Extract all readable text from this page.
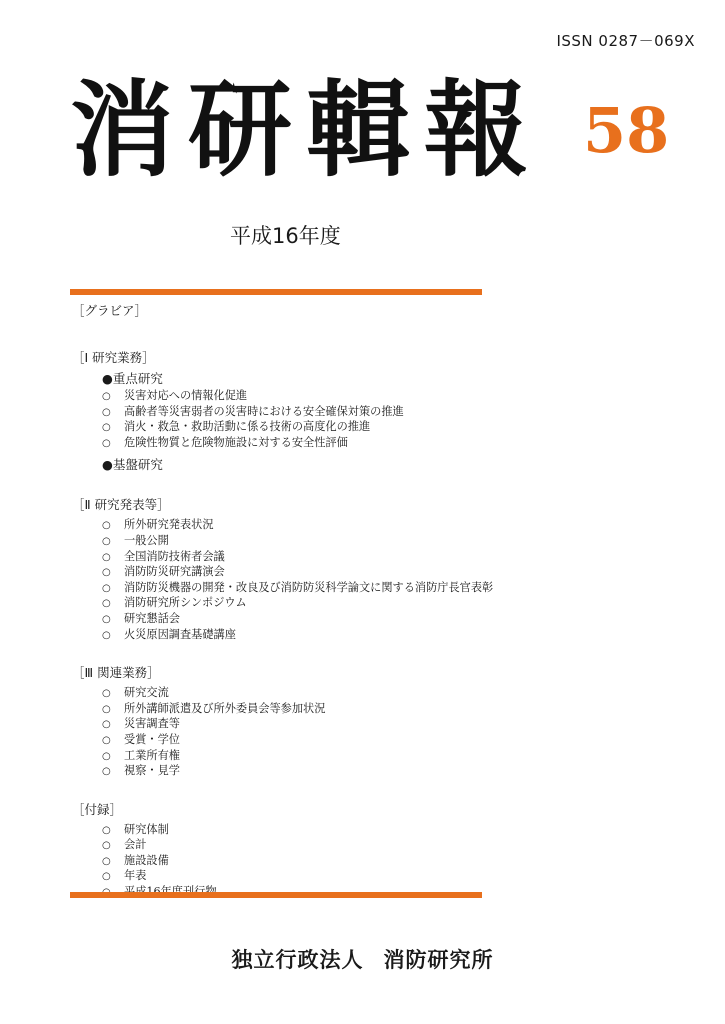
ISSN 0287－069X
消研輯報 58
平成16年度
［グラビア］
［Ⅰ 研究業務］
●重点研究
○ 災害対応への情報化促進
○ 高齢者等災害弱者の災害時における安全確保対策の推進
○ 消火・救急・救助活動に係る技術の高度化の推進
○ 危険性物質と危険物施設に対する安全性評価
●基盤研究
［Ⅱ 研究発表等］
○ 所外研究発表状況
○ 一般公開
○ 全国消防技術者会議
○ 消防防災研究講演会
○ 消防防災機器の開発・改良及び消防防災科学論文に関する消防庁長官表彰
○ 消防研究所シンポジウム
○ 研究懇話会
○ 火災原因調査基礎講座
［Ⅲ 関連業務］
○ 研究交流
○ 所外講師派遣及び所外委員会等参加状況
○ 災害調査等
○ 受賞・学位
○ 工業所有権
○ 視察・見学
［付録］
○ 研究体制
○ 会計
○ 施設設備
○ 年表
独立行政法人 消防研究所
